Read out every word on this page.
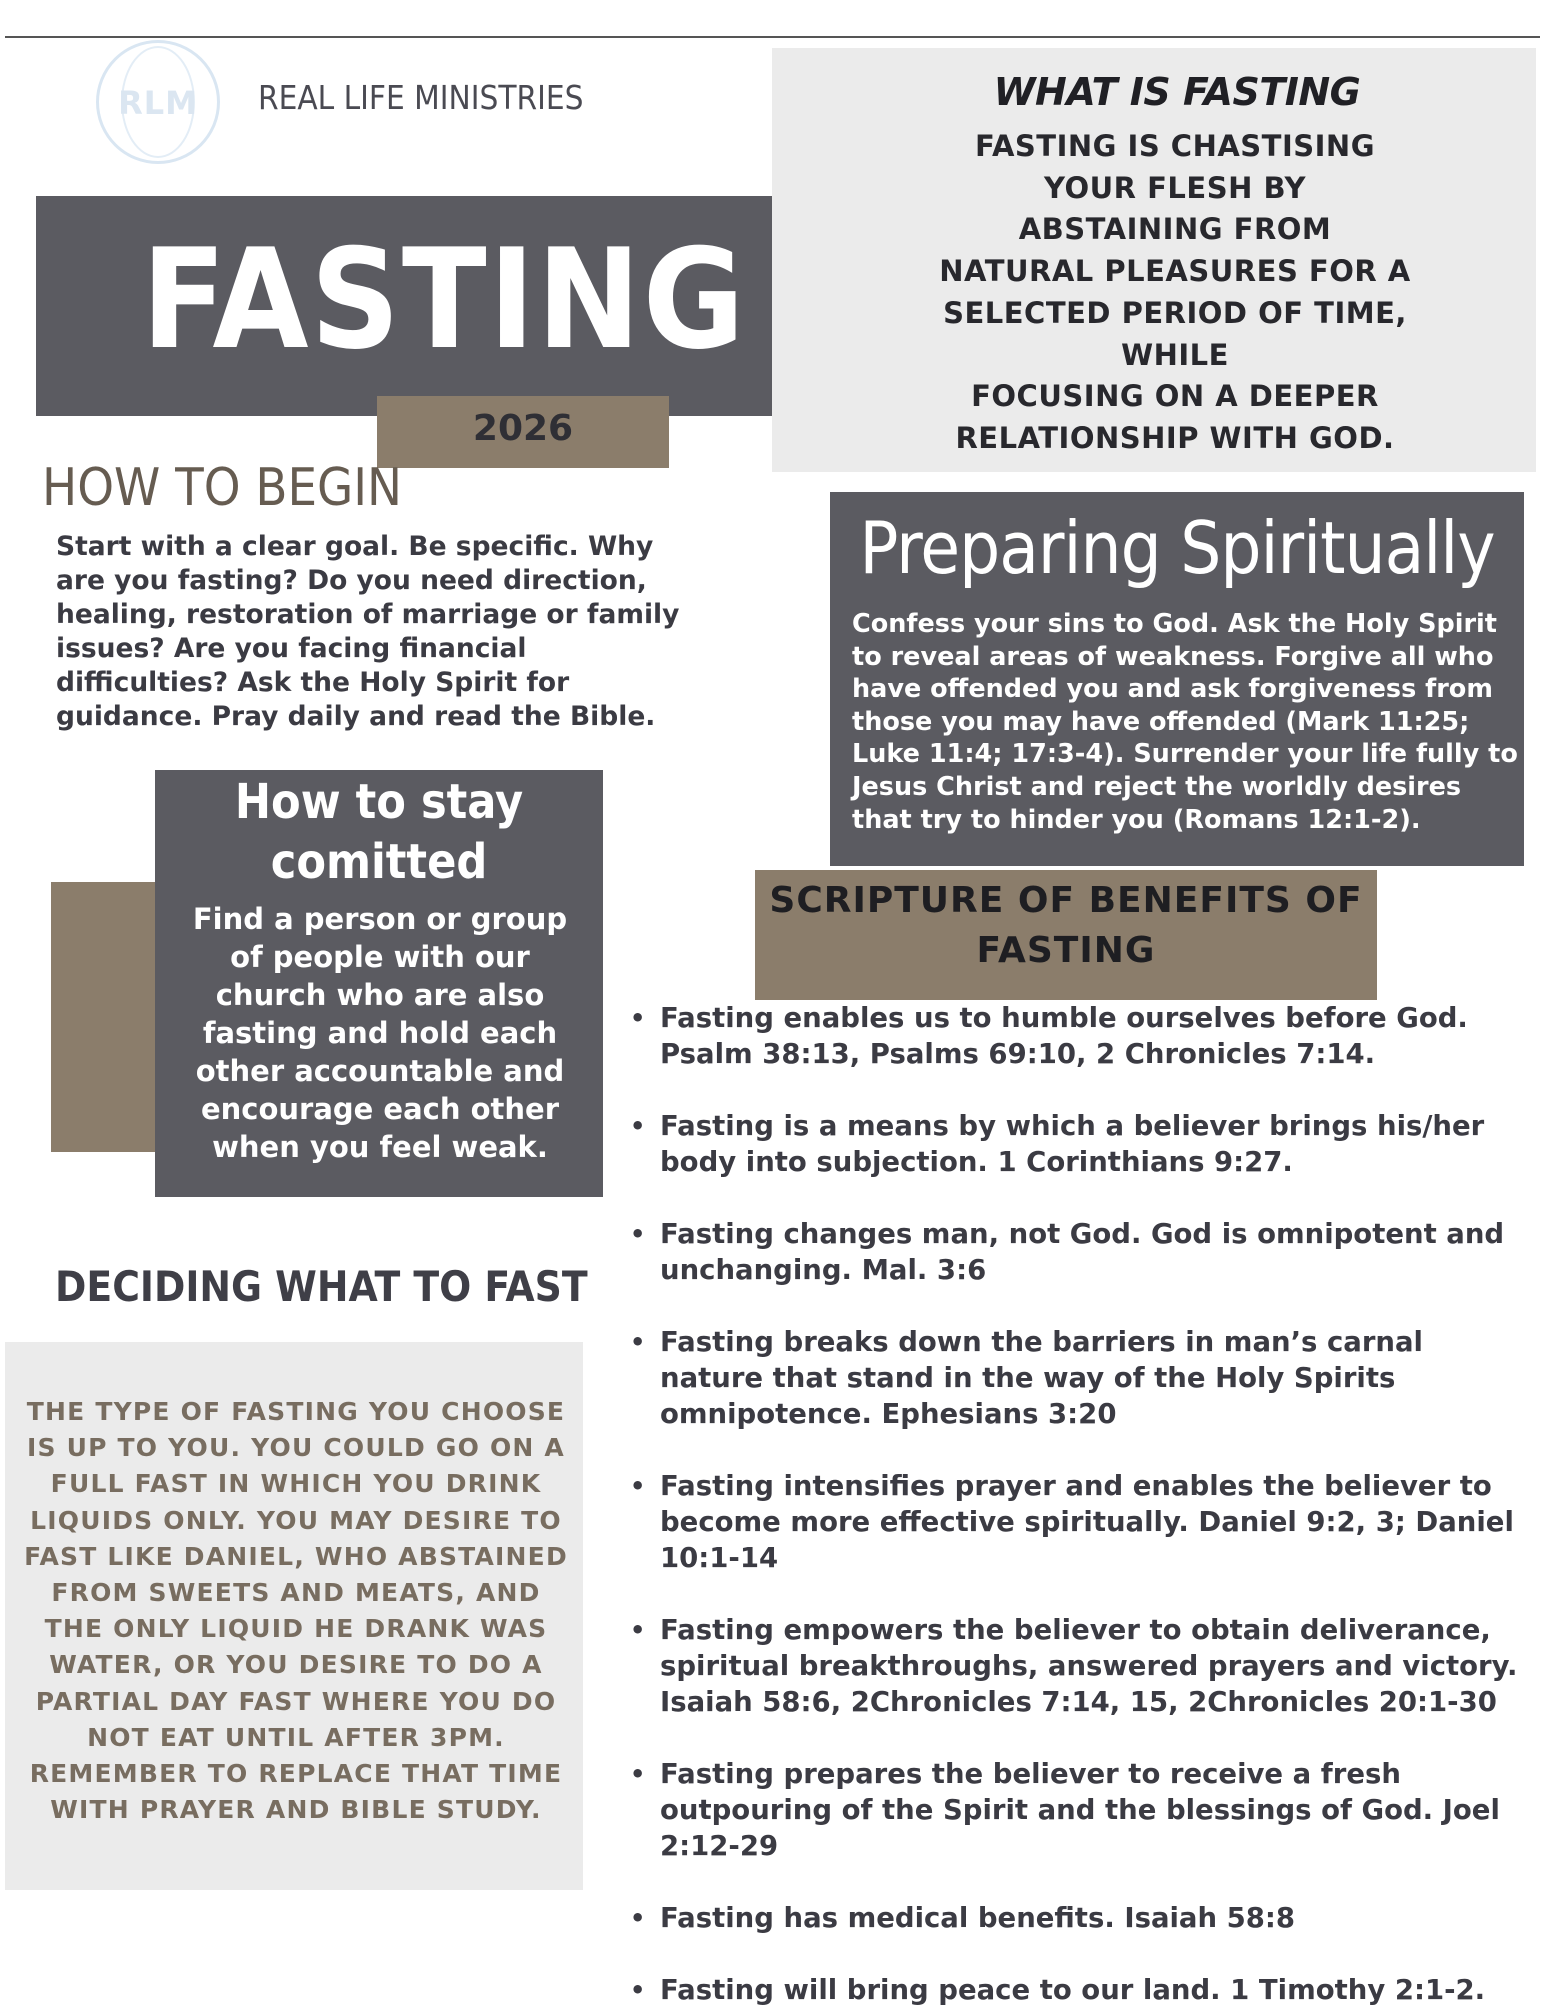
RLM	REAL LIFE MINISTRIES
FASTING
2026
WHAT IS FASTING
FASTING IS CHASTISING
YOUR FLESH BY
ABSTAINING FROM
NATURAL PLEASURES FOR A
SELECTED PERIOD OF TIME,
WHILE
FOCUSING ON A DEEPER
RELATIONSHIP WITH GOD.
HOW TO BEGIN
Start with a clear goal. Be specific. Why are you fasting? Do you need direction, healing, restoration of marriage or family issues? Are you facing financial difficulties? Ask the Holy Spirit for guidance. Pray daily and read the Bible.
Preparing Spiritually
Confess your sins to God. Ask the Holy Spirit to reveal areas of weakness. Forgive all who have offended you and ask forgiveness from those you may have offended (Mark 11:25; Luke 11:4; 17:3-4). Surrender your life fully to Jesus Christ and reject the worldly desires that try to hinder you (Romans 12:1-2).
How to stay comitted
Find a person or group of people with our church who are also fasting and hold each other accountable and encourage each other when you feel weak.
SCRIPTURE OF BENEFITS OF FASTING
• Fasting enables us to humble ourselves before God. Psalm 38:13, Psalms 69:10, 2 Chronicles 7:14.
• Fasting is a means by which a believer brings his/her body into subjection. 1 Corinthians 9:27.
• Fasting changes man, not God. God is omnipotent and unchanging. Mal. 3:6
• Fasting breaks down the barriers in man’s carnal nature that stand in the way of the Holy Spirits omnipotence. Ephesians 3:20
• Fasting intensifies prayer and enables the believer to become more effective spiritually. Daniel 9:2, 3; Daniel 10:1-14
• Fasting empowers the believer to obtain deliverance, spiritual breakthroughs, answered prayers and victory. Isaiah 58:6, 2Chronicles 7:14, 15, 2Chronicles 20:1-30
• Fasting prepares the believer to receive a fresh outpouring of the Spirit and the blessings of God. Joel 2:12-29
• Fasting has medical benefits. Isaiah 58:8
• Fasting will bring peace to our land. 1 Timothy 2:1-2.
DECIDING WHAT TO FAST
THE TYPE OF FASTING YOU CHOOSE IS UP TO YOU. YOU COULD GO ON A FULL FAST IN WHICH YOU DRINK LIQUIDS ONLY. YOU MAY DESIRE TO FAST LIKE DANIEL, WHO ABSTAINED FROM SWEETS AND MEATS, AND THE ONLY LIQUID HE DRANK WAS WATER, OR YOU DESIRE TO DO A PARTIAL DAY FAST WHERE YOU DO NOT EAT UNTIL AFTER 3PM. REMEMBER TO REPLACE THAT TIME WITH PRAYER AND BIBLE STUDY.
